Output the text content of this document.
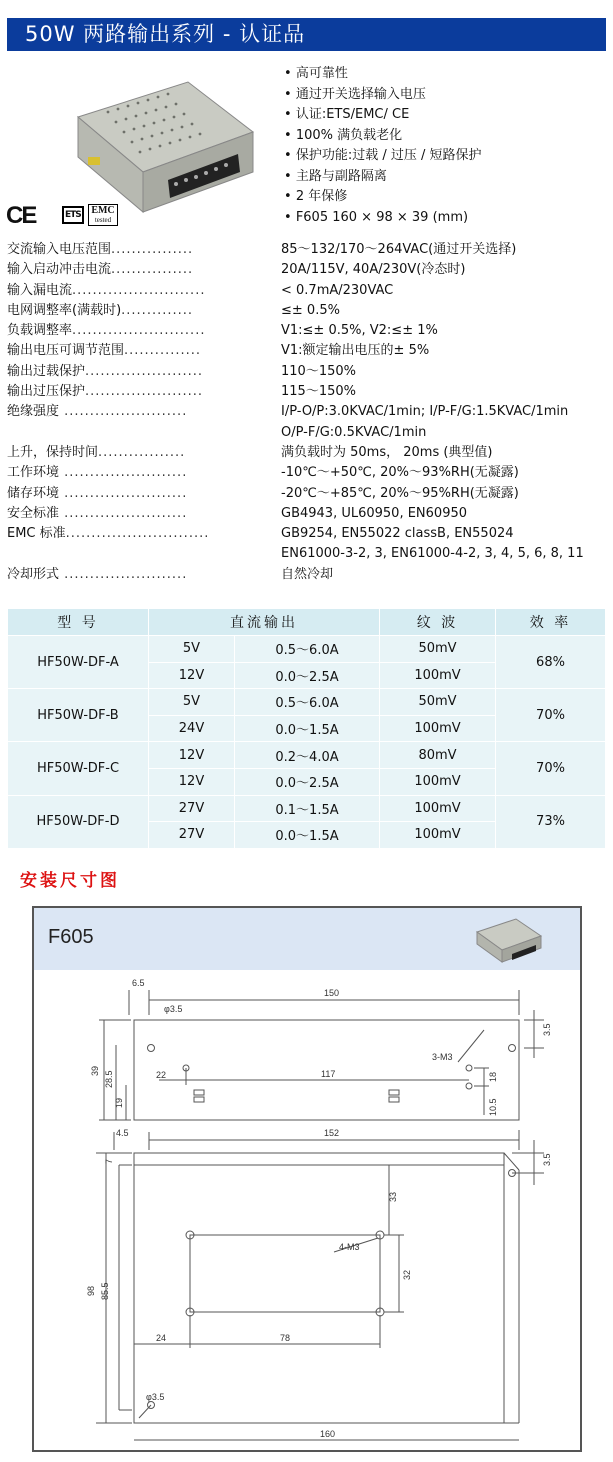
50W 两路输出系列 - 认证品
CE	ETS	EMC
tested
• 高可靠性
• 通过开关选择输入电压
• 认证:ETS/EMC/ CE
• 100% 满负载老化
• 保护功能:过载 / 过压 / 短路保护
• 主路与副路隔离
• 2 年保修
• F605 160 × 98 × 39 (mm)
交流输入电压范围................	85～132/170～264VAC(通过开关选择)
输入启动冲击电流................	20A/115V, 40A/230V(冷态时)
输入漏电流..........................	< 0.7mA/230VAC
电网调整率(满载时)..............	≤± 0.5%
负载调整率..........................	V1:≤± 0.5%, V2:≤± 1%
输出电压可调节范围...............	V1:额定输出电压的± 5%
输出过载保护.......................	110～150%
输出过压保护.......................	115～150%
绝缘强度 ........................	I/P-O/P:3.0KVAC/1min; I/P-F/G:1.5KVAC/1min
O/P-F/G:0.5KVAC/1min
上升，保持时间.................	满负载时为 50ms， 20ms (典型值)
工作环境 ........................	-10℃～+50℃, 20%～93%RH(无凝露)
储存环境 ........................	-20℃～+85℃, 20%～95%RH(无凝露)
安全标准 ........................	GB4943, UL60950, EN60950
EMC 标准............................	GB9254, EN55022 classB, EN55024
EN61000-3-2, 3, EN61000-4-2, 3, 4, 5, 6, 8, 11
冷却形式 ........................	自然冷却
型 号	直流输出		纹 波	效 率
HF50W-DF-A	5V	0.5～6.0A	50mV	68%
	12V	0.0～2.5A	100mV	
HF50W-DF-B	5V	0.5～6.0A	50mV	70%
	24V	0.0～1.5A	100mV	
HF50W-DF-C	12V	0.2～4.0A	80mV	70%
	12V	0.0～2.5A	100mV	
HF50W-DF-D	27V	0.1～1.5A	100mV	73%
	27V	0.0～1.5A	100mV	
安装尺寸图
F605
150
6.5
φ3.5
3.5
39 28.5
19
22	117
3-M3
18
10.5
4.5	152
3.5
7
33
4-M3
98 85.5
32
24	78
φ3.5
160
